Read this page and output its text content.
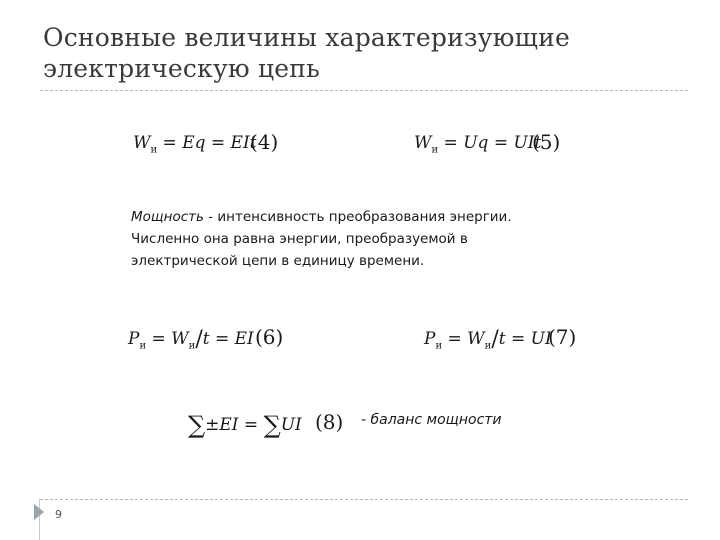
Основные величины характеризующие электрическую цепь
$W_и = Eq$ = EIt
(4)	$W_и = Uq$ = UIt
(5)
Мощность - интенсивность преобразования энергии.
Численно она равна энергии, преобразуемой в
электрической цепи в единицу времени.
$P_и = W_и/t$ = EI (6)	$P_и = W_и/t$ = UI
(7)
∑±EI = ∑UI (8) - баланс мощности
9
